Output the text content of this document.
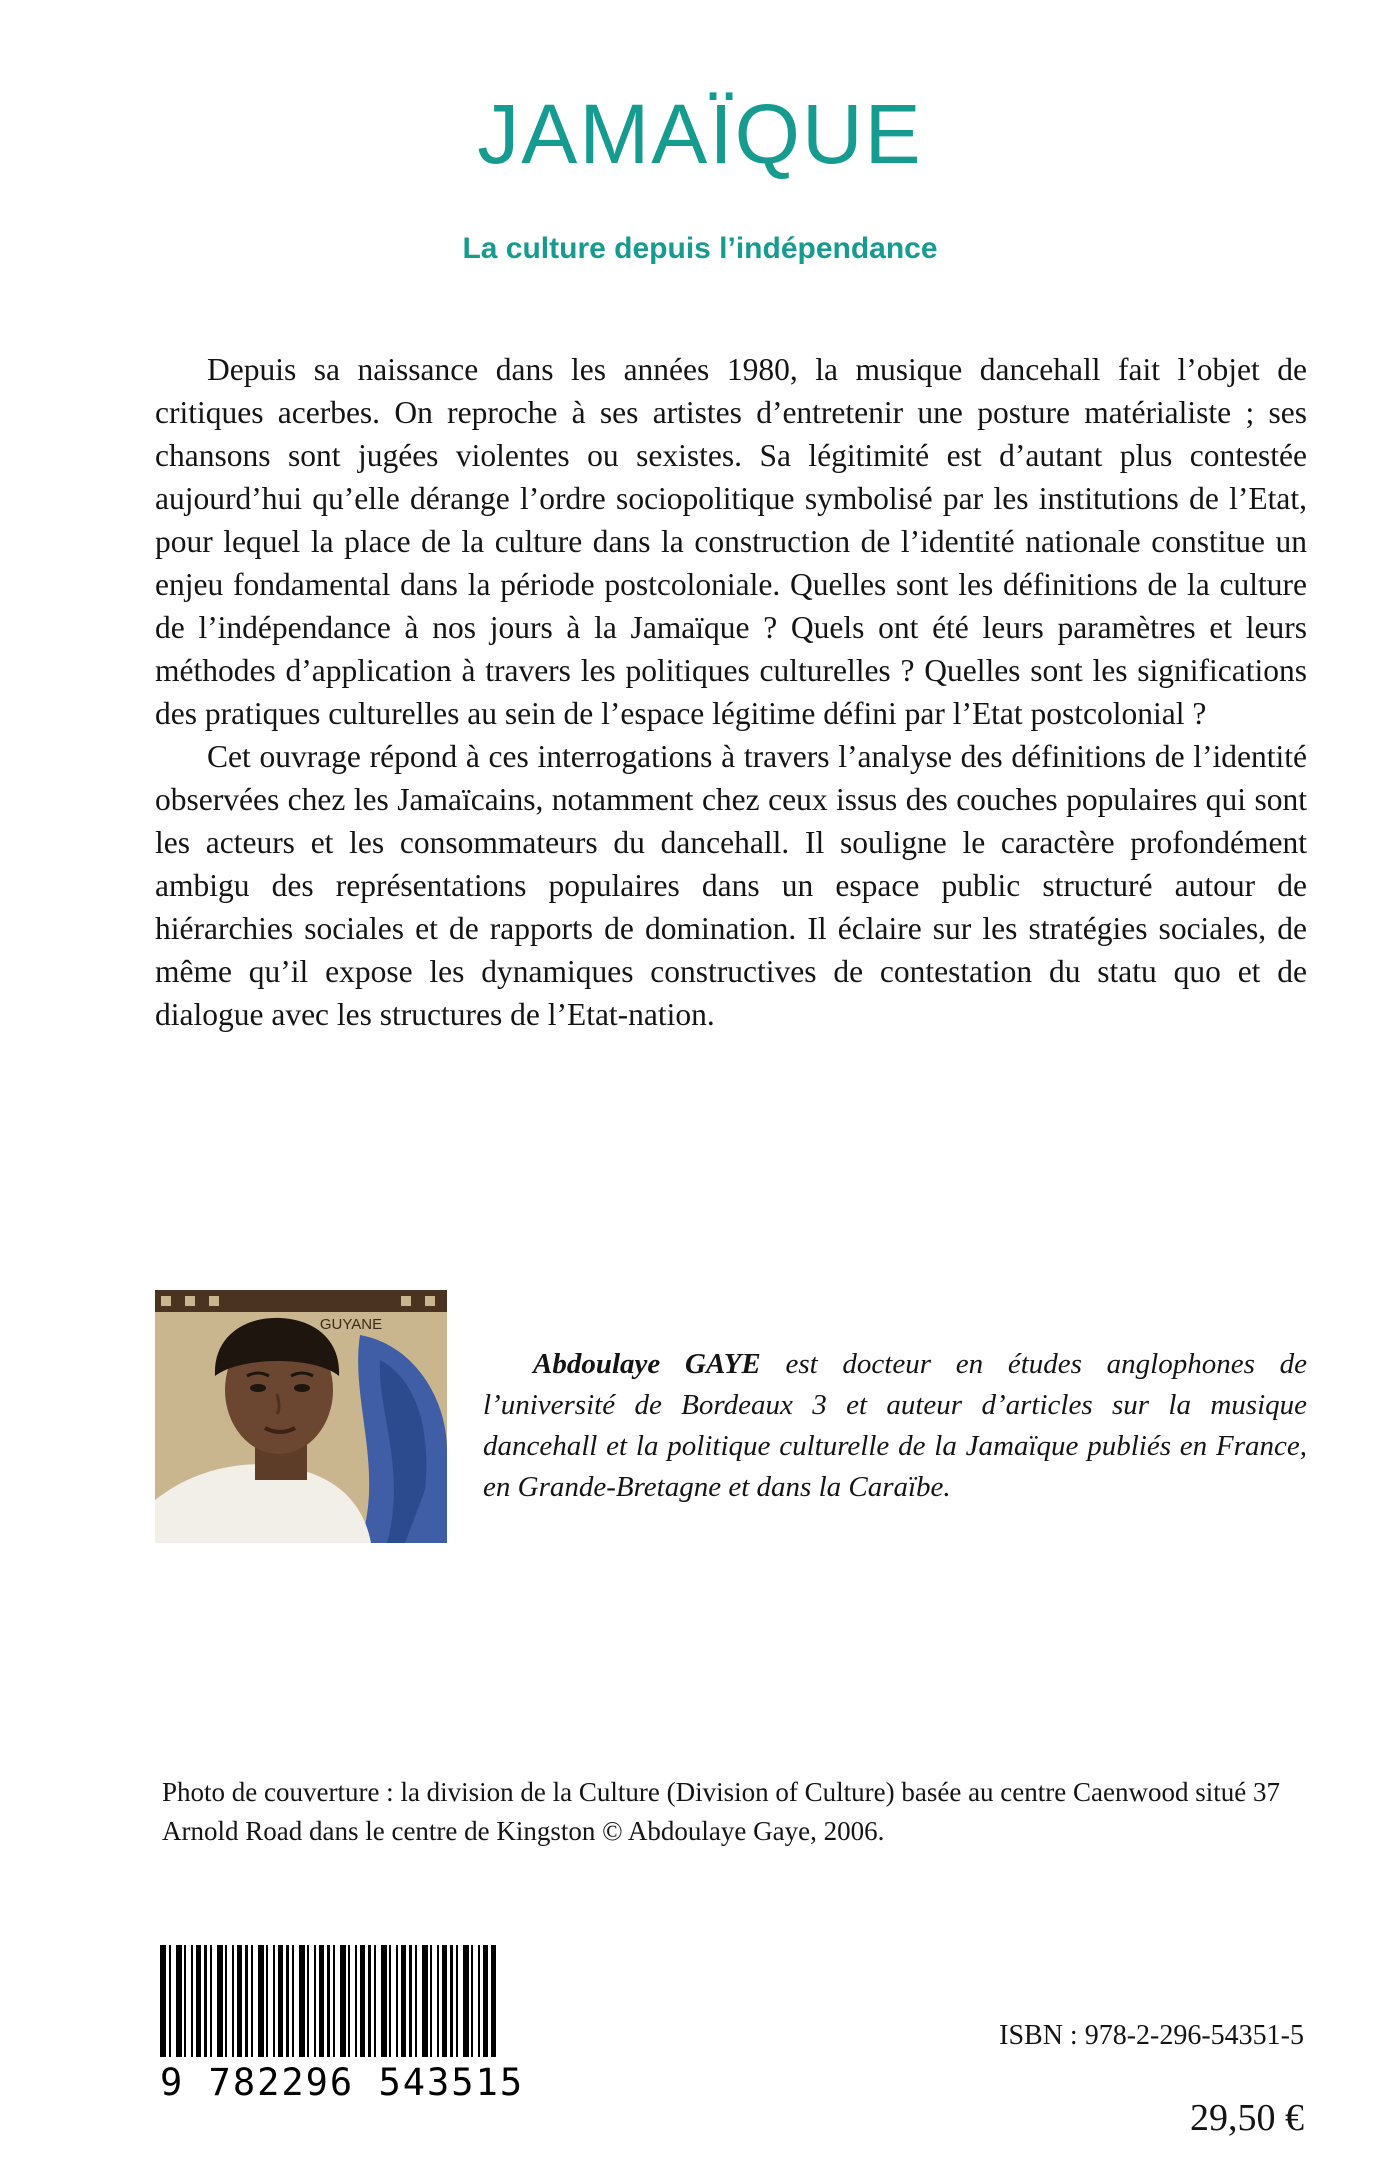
JAMAÏQUE
La culture depuis l’indépendance

Depuis sa naissance dans les années 1980, la musique dancehall fait l’objet de critiques acerbes. On reproche à ses artistes d’entretenir une posture matérialiste ; ses chansons sont jugées violentes ou sexistes. Sa légitimité est d’autant plus contestée aujourd’hui qu’elle dérange l’ordre sociopolitique symbolisé par les institutions de l’Etat, pour lequel la place de la culture dans la construction de l’identité nationale constitue un enjeu fondamental dans la période postcoloniale. Quelles sont les définitions de la culture de l’indépendance à nos jours à la Jamaïque ? Quels ont été leurs paramètres et leurs méthodes d’application à travers les politiques culturelles ? Quelles sont les significations des pratiques culturelles au sein de l’espace légitime défini par l’Etat postcolonial ?

Cet ouvrage répond à ces interrogations à travers l’analyse des définitions de l’identité observées chez les Jamaïcains, notamment chez ceux issus des couches populaires qui sont les acteurs et les consommateurs du dancehall. Il souligne le caractère profondément ambigu des représentations populaires dans un espace public structuré autour de hiérarchies sociales et de rapports de domination. Il éclaire sur les stratégies sociales, de même qu’il expose les dynamiques constructives de contestation du statu quo et de dialogue avec les structures de l’Etat-nation.

GUYANE

Abdoulaye GAYE est docteur en études anglophones de l’université de Bordeaux 3 et auteur d’articles sur la musique dancehall et la politique culturelle de la Jamaïque publiés en France, en Grande-Bretagne et dans la Caraïbe.

Photo de couverture : la division de la Culture (Division of Culture) basée au centre Caenwood situé 37 Arnold Road dans le centre de Kingston © Abdoulaye Gaye, 2006.
9 782296 543515
ISBN : 978-2-296-54351-5
29,50 €
